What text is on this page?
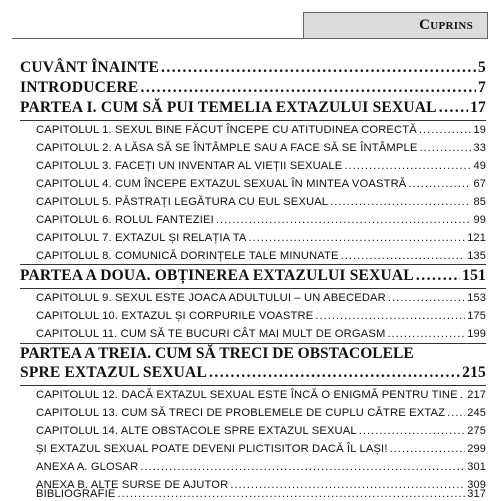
Cuprins
CUVÂNT ÎNAINTE .....	5
INTRODUCERE .....	7
PARTEA I. CUM SĂ PUI TEMELIA EXTAZULUI SEXUAL ..... 17
CAPITOLUL 1. SEXUL BINE FĂCUT ÎNCEPE CU ATITUDINEA CORECTĂ .....	19
CAPITOLUL 2. A LĂSA SĂ SE ÎNTÂMPLE SAU A FACE SĂ SE ÎNTÂMPLE .....	33
CAPITOLUL 3. FACEȚI UN INVENTAR AL VIEȚII SEXUALE .....	49
CAPITOLUL 4. CUM ÎNCEPE EXTAZUL SEXUAL ÎN MINTEA VOASTRĂ .....	67
CAPITOLUL 5. PĂSTRAȚI LEGĂTURA CU EUL SEXUAL .....	85
CAPITOLUL 6. ROLUL FANTEZIEI .....	99
CAPITOLUL 7. EXTAZUL ȘI RELAȚIA TA .....	121
CAPITOLUL 8. COMUNICĂ DORINȚELE TALE MINUNATE .....	135
PARTEA A DOUA. OBȚINEREA EXTAZULUI SEXUAL .....	151
CAPITOLUL 9. SEXUL ESTE JOACA ADULTULUI – UN ABECEDAR .....	153
CAPITOLUL 10. EXTAZUL ȘI CORPURILE VOASTRE .....	175
CAPITOLUL 11. CUM SĂ TE BUCURI CÂT MAI MULT DE ORGASM .....	199
PARTEA A TREIA. CUM SĂ TRECI DE OBSTACOLELE
SPRE EXTAZUL SEXUAL .....	215
CAPITOLUL 12. DACĂ EXTAZUL SEXUAL ESTE ÎNCĂ O ENIGMĂ PENTRU TINE ..... 217
CAPITOLUL 13. CUM SĂ TRECI DE PROBLEMELE DE CUPLU CĂTRE EXTAZ ..... 245
CAPITOLUL 14. ALTE OBSTACOLE SPRE EXTAZUL SEXUAL .....	275
ȘI EXTAZUL SEXUAL POATE DEVENI PLICTISITOR DACĂ ÎL LAȘI! .....	299
ANEXA A. GLOSAR .....	301
ANEXA B. ALTE SURSE DE AJUTOR .....	309
BIBLIOGRAFIE .....	317
